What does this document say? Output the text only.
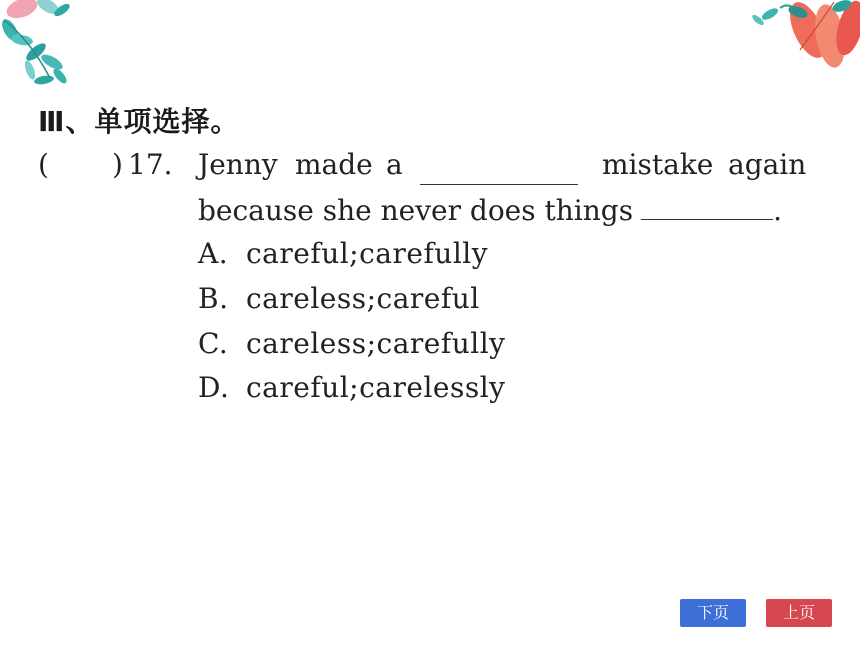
Ⅲ、单项选择。
( ) 17. Jenny made a	mistake again
because she never does things	.
A. careful;carefully
B. careless;careful
C. careless;carefully
D. careful;carelessly
下页	上页
